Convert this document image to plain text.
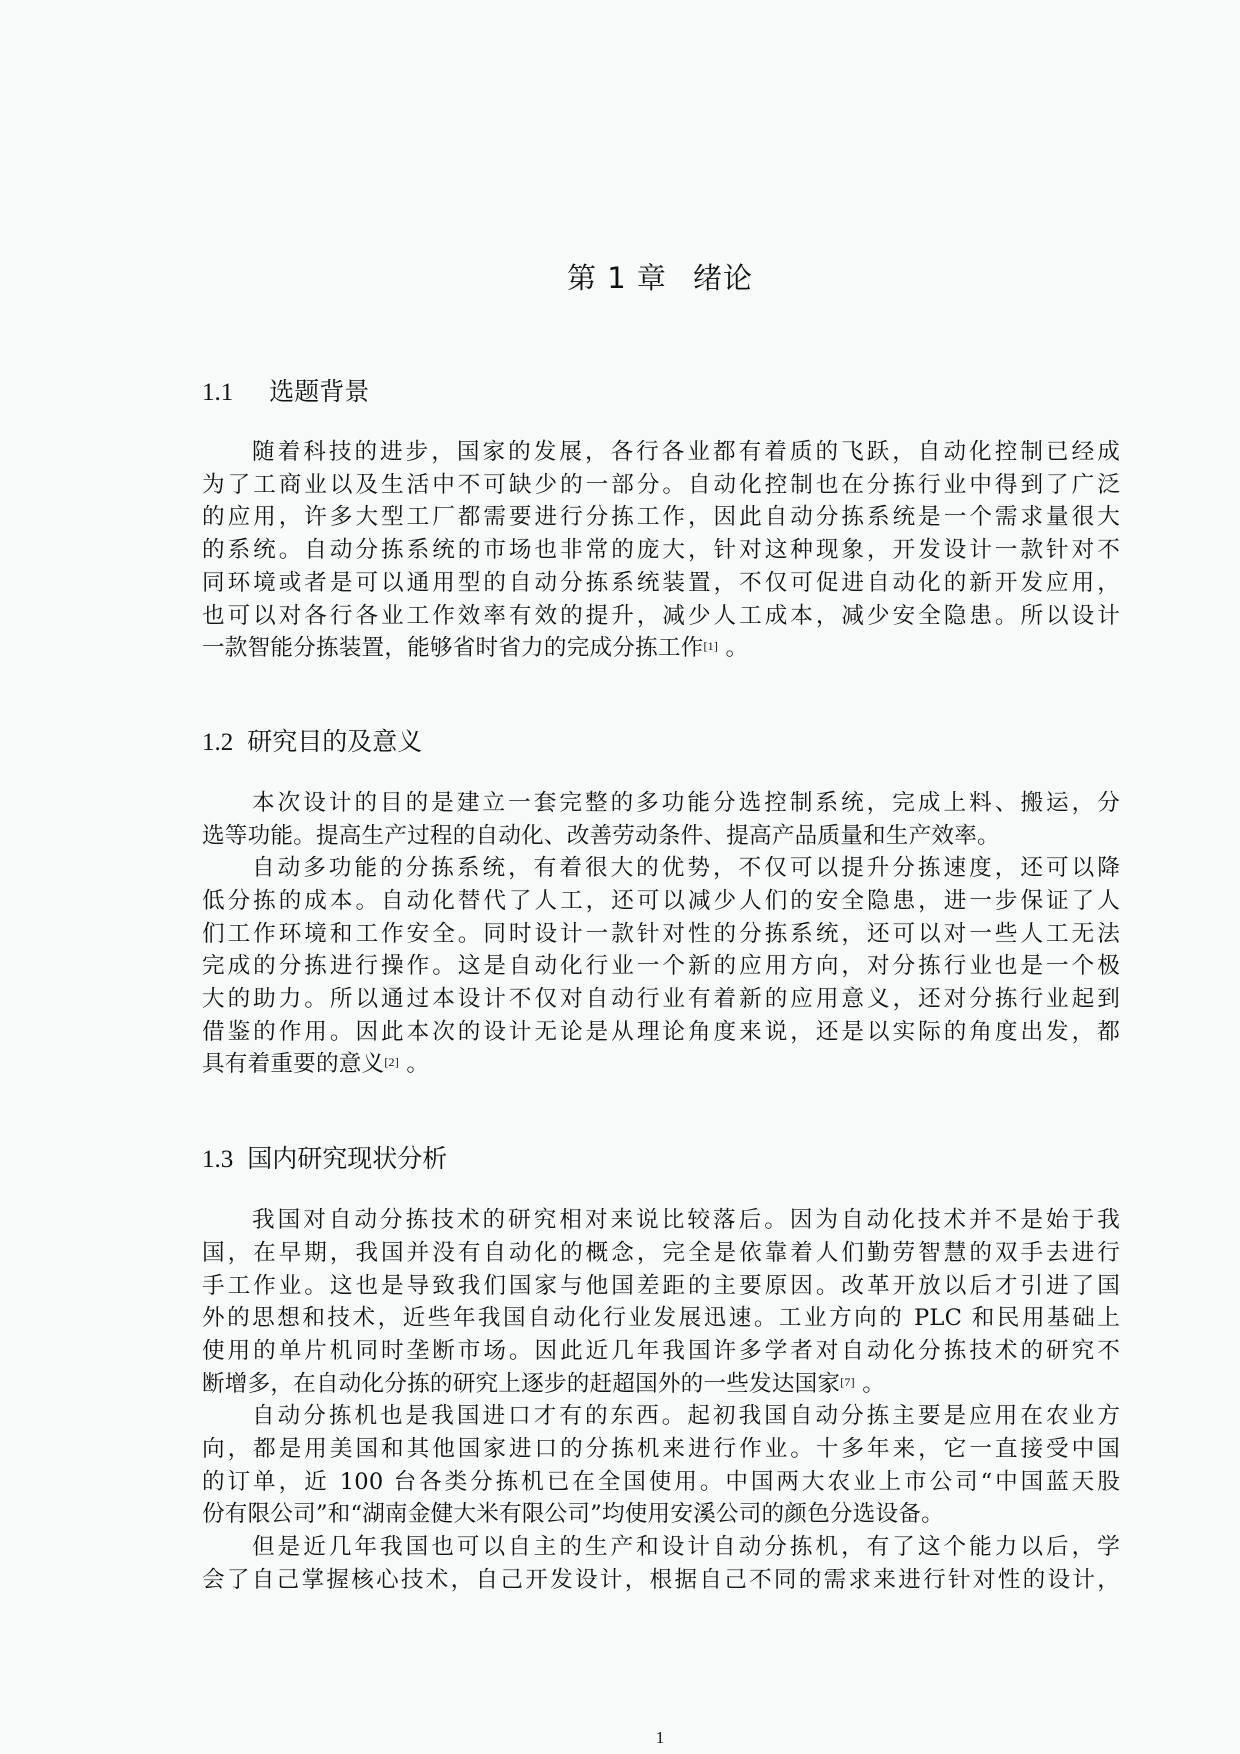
第 1 章 绪论
1.1 选题背景
随着科技的进步，国家的发展，各行各业都有着质的飞跃，自动化控制已经成
为了工商业以及生活中不可缺少的一部分。自动化控制也在分拣行业中得到了广泛
的应用，许多大型工厂都需要进行分拣工作，因此自动分拣系统是一个需求量很大
的系统。自动分拣系统的市场也非常的庞大，针对这种现象，开发设计一款针对不
同环境或者是可以通用型的自动分拣系统装置，不仅可促进自动化的新开发应用，
也可以对各行各业工作效率有效的提升，减少人工成本，减少安全隐患。所以设计
一款智能分拣装置，能够省时省力的完成分拣工作[1] 。
1.2 研究目的及意义
本次设计的目的是建立一套完整的多功能分选控制系统，完成上料、搬运，分
选等功能。提高生产过程的自动化、改善劳动条件、提高产品质量和生产效率。
自动多功能的分拣系统，有着很大的优势，不仅可以提升分拣速度，还可以降
低分拣的成本。自动化替代了人工，还可以减少人们的安全隐患，进一步保证了人
们工作环境和工作安全。同时设计一款针对性的分拣系统，还可以对一些人工无法
完成的分拣进行操作。这是自动化行业一个新的应用方向，对分拣行业也是一个极
大的助力。所以通过本设计不仅对自动行业有着新的应用意义，还对分拣行业起到
借鉴的作用。因此本次的设计无论是从理论角度来说，还是以实际的角度出发，都
具有着重要的意义[2] 。
1.3 国内研究现状分析
我国对自动分拣技术的研究相对来说比较落后。因为自动化技术并不是始于我
国，在早期，我国并没有自动化的概念，完全是依靠着人们勤劳智慧的双手去进行
手工作业。这也是导致我们国家与他国差距的主要原因。改革开放以后才引进了国
外的思想和技术，近些年我国自动化行业发展迅速。工业方向的 PLC 和民用基础上
使用的单片机同时垄断市场。因此近几年我国许多学者对自动化分拣技术的研究不
断增多，在自动化分拣的研究上逐步的赶超国外的一些发达国家[7] 。
自动分拣机也是我国进口才有的东西。起初我国自动分拣主要是应用在农业方
向，都是用美国和其他国家进口的分拣机来进行作业。十多年来，它一直接受中国
的订单，近 100 台各类分拣机已在全国使用。中国两大农业上市公司“中国蓝天股
份有限公司”和“湖南金健大米有限公司”均使用安溪公司的颜色分选设备。
但是近几年我国也可以自主的生产和设计自动分拣机，有了这个能力以后，学
会了自己掌握核心技术，自己开发设计，根据自己不同的需求来进行针对性的设计，
1
